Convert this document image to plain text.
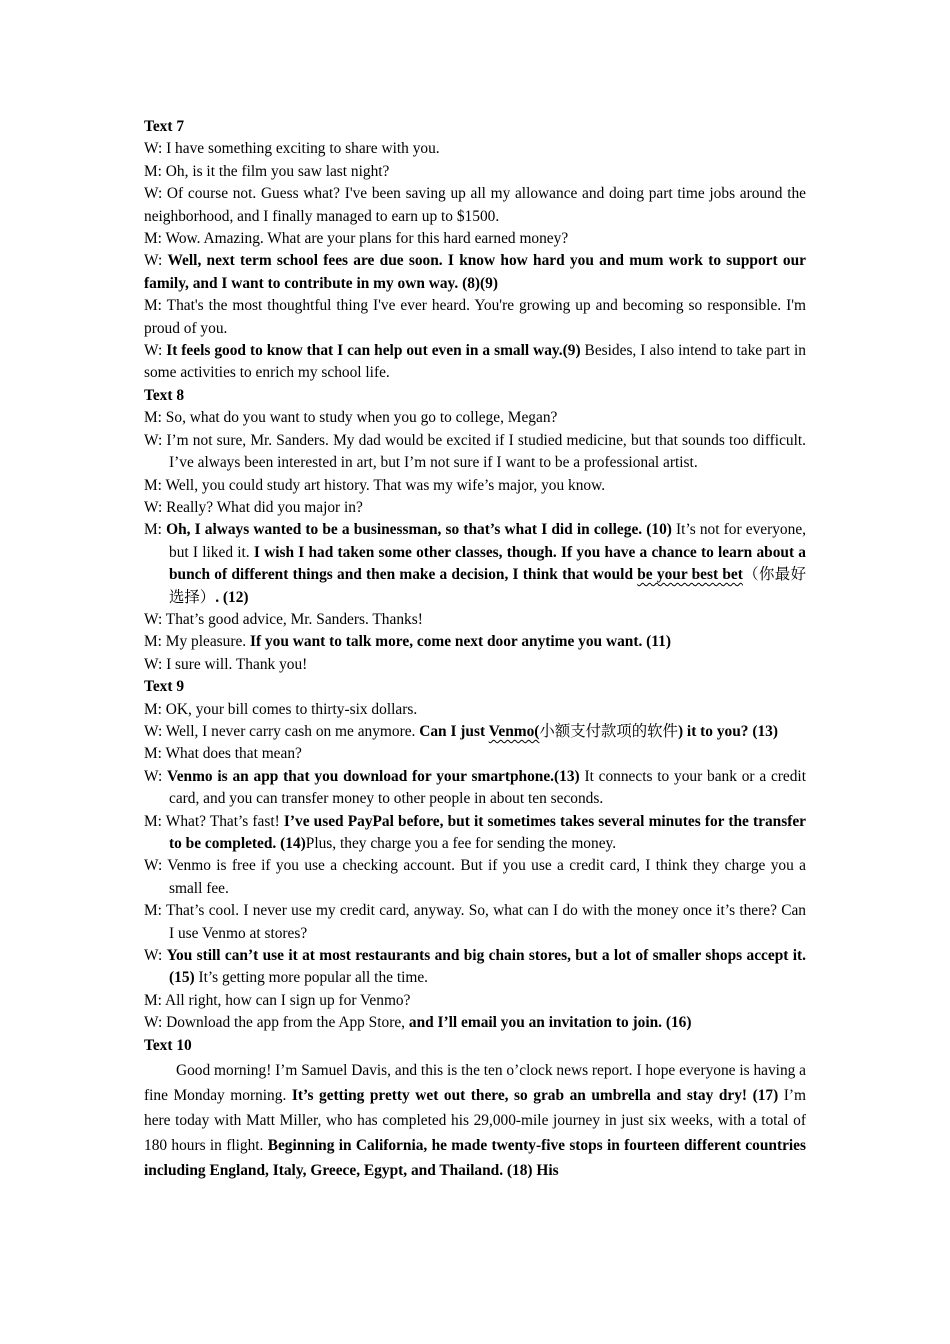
Text 7
W: I have something exciting to share with you.
M: Oh, is it the film you saw last night?
W: Of course not. Guess what? I've been saving up all my allowance and doing part time jobs around the neighborhood, and I finally managed to earn up to $1500.
M: Wow. Amazing. What are your plans for this hard earned money?
W: Well, next term school fees are due soon. I know how hard you and mum work to support our family, and I want to contribute in my own way. (8)(9)
M: That's the most thoughtful thing I've ever heard. You're growing up and becoming so responsible. I'm proud of you.
W: It feels good to know that I can help out even in a small way.(9) Besides, I also intend to take part in some activities to enrich my school life.
Text 8
M: So, what do you want to study when you go to college, Megan?
W: I’m not sure, Mr. Sanders. My dad would be excited if I studied medicine, but that sounds too difficult. I’ve always been interested in art, but I’m not sure if I want to be a professional artist.
M: Well, you could study art history. That was my wife’s major, you know.
W: Really? What did you major in?
M: Oh, I always wanted to be a businessman, so that’s what I did in college. (10) It’s not for everyone, but I liked it. I wish I had taken some other classes, though. If you have a chance to learn about a bunch of different things and then make a decision, I think that would be your best bet（你最好选择）. (12)
W: That’s good advice, Mr. Sanders. Thanks!
M: My pleasure. If you want to talk more, come next door anytime you want. (11)
W: I sure will. Thank you!
Text 9
M: OK, your bill comes to thirty-six dollars.
W: Well, I never carry cash on me anymore. Can I just Venmo(小额支付款项的软件) it to you? (13)
M: What does that mean?
W: Venmo is an app that you download for your smartphone.(13) It connects to your bank or a credit card, and you can transfer money to other people in about ten seconds.
M: What? That’s fast! I’ve used PayPal before, but it sometimes takes several minutes for the transfer to be completed. (14)Plus, they charge you a fee for sending the money.
W: Venmo is free if you use a checking account. But if you use a credit card, I think they charge you a small fee.
M: That’s cool. I never use my credit card, anyway. So, what can I do with the money once it’s there? Can I use Venmo at stores?
W: You still can’t use it at most restaurants and big chain stores, but a lot of smaller shops accept it. (15) It’s getting more popular all the time.
M: All right, how can I sign up for Venmo?
W: Download the app from the App Store, and I’ll email you an invitation to join. (16)
Text 10
Good morning! I’m Samuel Davis, and this is the ten o’clock news report. I hope everyone is having a fine Monday morning. It’s getting pretty wet out there, so grab an umbrella and stay dry! (17) I’m here today with Matt Miller, who has completed his 29,000-mile journey in just six weeks, with a total of 180 hours in flight. Beginning in California, he made twenty-five stops in fourteen different countries including England, Italy, Greece, Egypt, and Thailand. (18) His
